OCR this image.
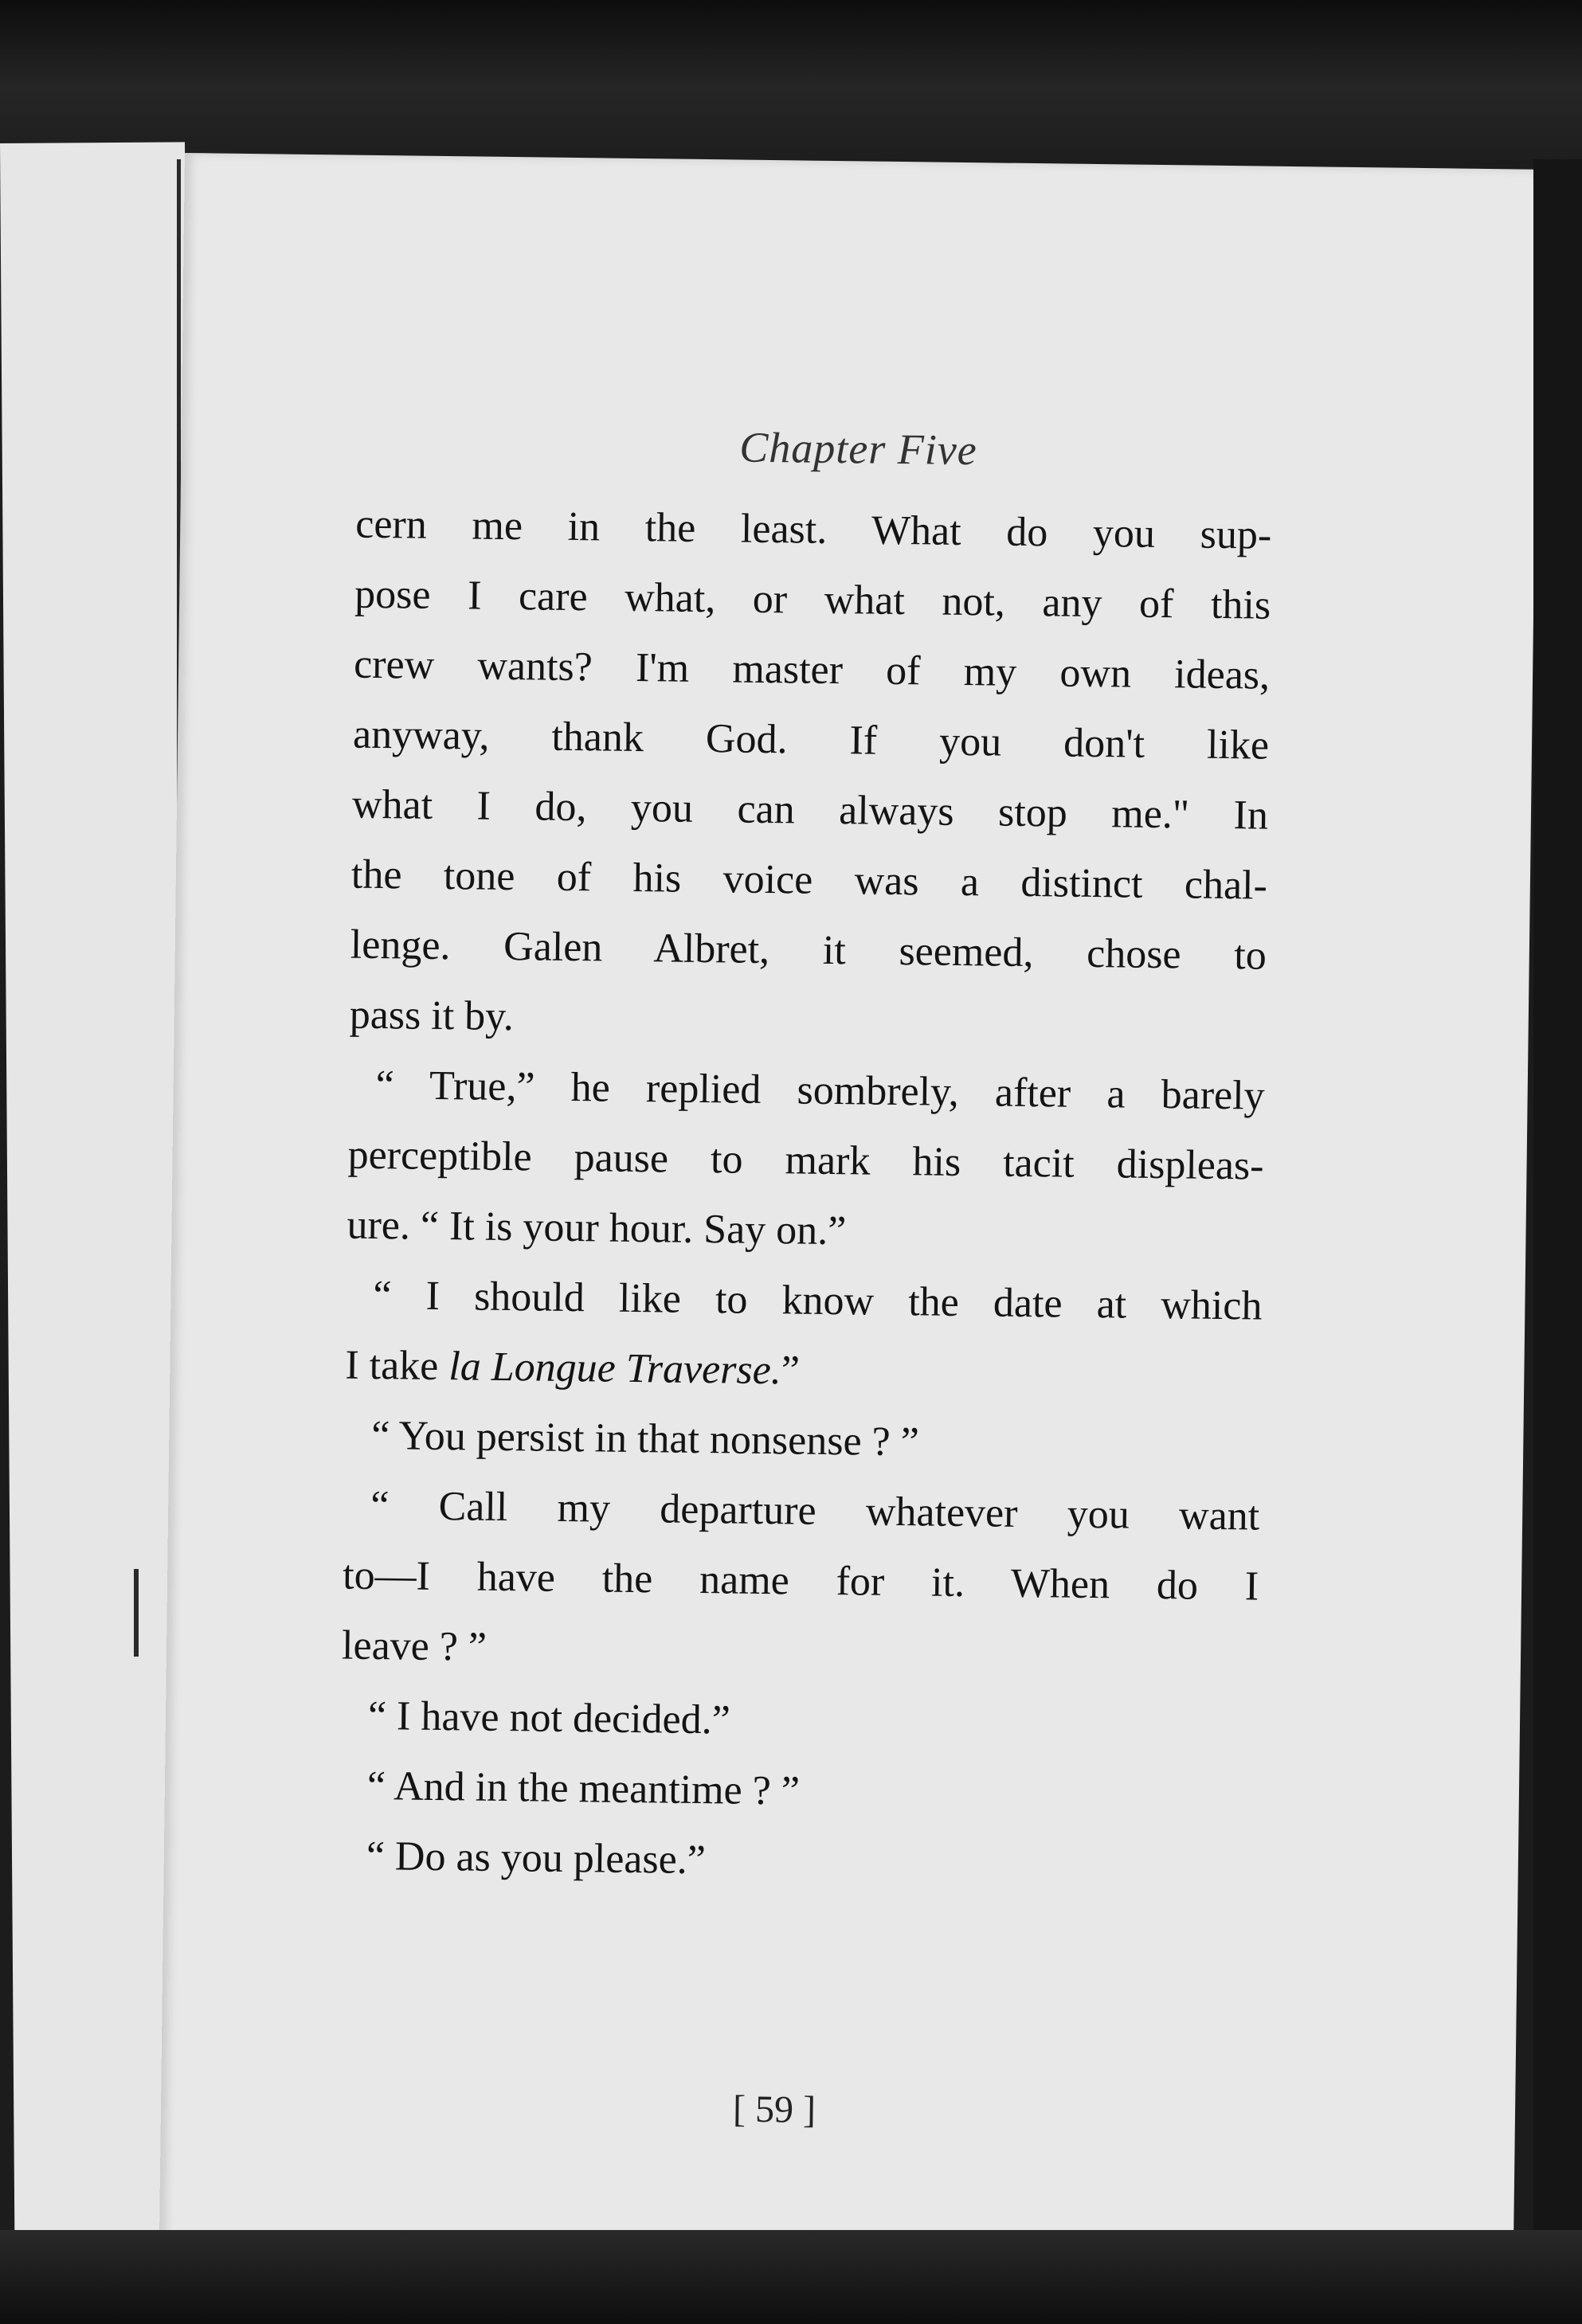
Chapter Five

cern me in the least. What do you sup-
pose I care what, or what not, any of this
crew wants? I'm master of my own ideas,
anyway, thank God. If you don't like
what I do, you can always stop me." In
the tone of his voice was a distinct chal-
lenge. Galen Albret, it seemed, chose to
pass it by.

“ True,” he replied sombrely, after a barely
perceptible pause to mark his tacit displeas-
ure. “ It is your hour. Say on.”

“ I should like to know the date at which
I take la Longue Traverse.”

“ You persist in that nonsense ? ”

“ Call my departure whatever you want
to—I have the name for it. When do I
leave ? ”

“ I have not decided.”

“ And in the meantime ? ”

“ Do as you please.”

[ 59 ]
